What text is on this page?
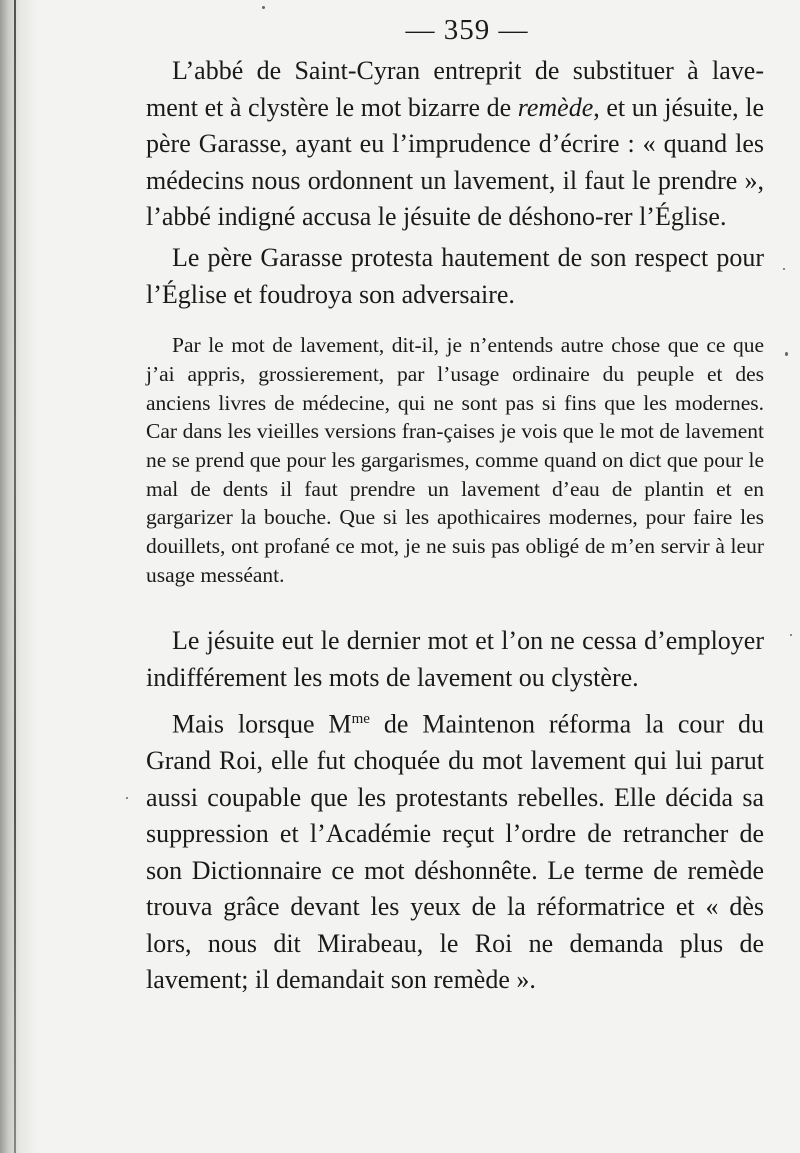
— 359 —

L’abbé de Saint-Cyran entreprit de substituer à lave-ment et à clystère le mot bizarre de remède, et un jésuite, le père Garasse, ayant eu l’imprudence d’écrire : « quand les médecins nous ordonnent un lavement, il faut le prendre », l’abbé indigné accusa le jésuite de déshono-rer l’Église.

Le père Garasse protesta hautement de son respect pour l’Église et foudroya son adversaire.

Par le mot de lavement, dit-il, je n’entends autre chose que ce que j’ai appris, grossierement, par l’usage ordinaire du peuple et des anciens livres de médecine, qui ne sont pas si fins que les modernes. Car dans les vieilles versions fran-çaises je vois que le mot de lavement ne se prend que pour les gargarismes, comme quand on dict que pour le mal de dents il faut prendre un lavement d’eau de plantin et en gargarizer la bouche. Que si les apothicaires modernes, pour faire les douillets, ont profané ce mot, je ne suis pas obligé de m’en servir à leur usage messéant.

Le jésuite eut le dernier mot et l’on ne cessa d’employer indifférement les mots de lavement ou clystère.

Mais lorsque $M^{me}$ de Maintenon réforma la cour du Grand Roi, elle fut choquée du mot lavement qui lui parut aussi coupable que les protestants rebelles. Elle décida sa suppression et l’Académie reçut l’ordre de retrancher de son Dictionnaire ce mot déshonnête. Le terme de remède trouva grâce devant les yeux de la réformatrice et « dès lors, nous dit Mirabeau, le Roi ne demanda plus de lavement; il demandait son remède ».
